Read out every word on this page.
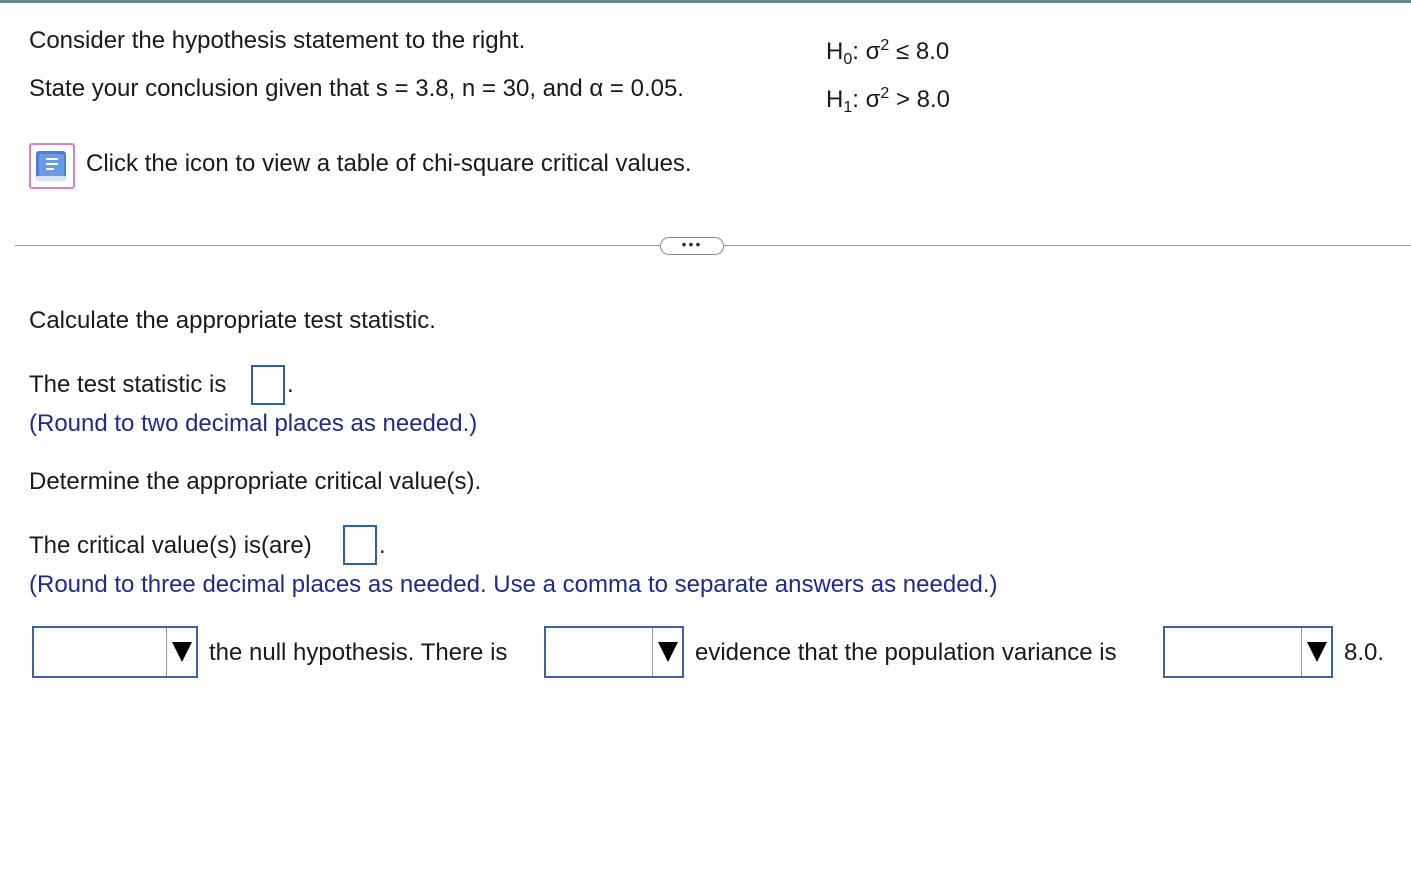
Consider the hypothesis statement to the right.
State your conclusion given that s = 3.8, n = 30, and α = 0.05.
$H_0$: $\sigma^2 \le 8.0$
$H_1$: $\sigma^2 > 8.0$
Click the icon to view a table of chi-square critical values.
•••
Calculate the appropriate test statistic.
The test statistic is	.
(Round to two decimal places as needed.)
Determine the appropriate critical value(s).
The critical value(s) is(are)	.
(Round to three decimal places as needed. Use a comma to separate answers as needed.)
the null hypothesis. There is	evidence that the population variance is	8.0.
